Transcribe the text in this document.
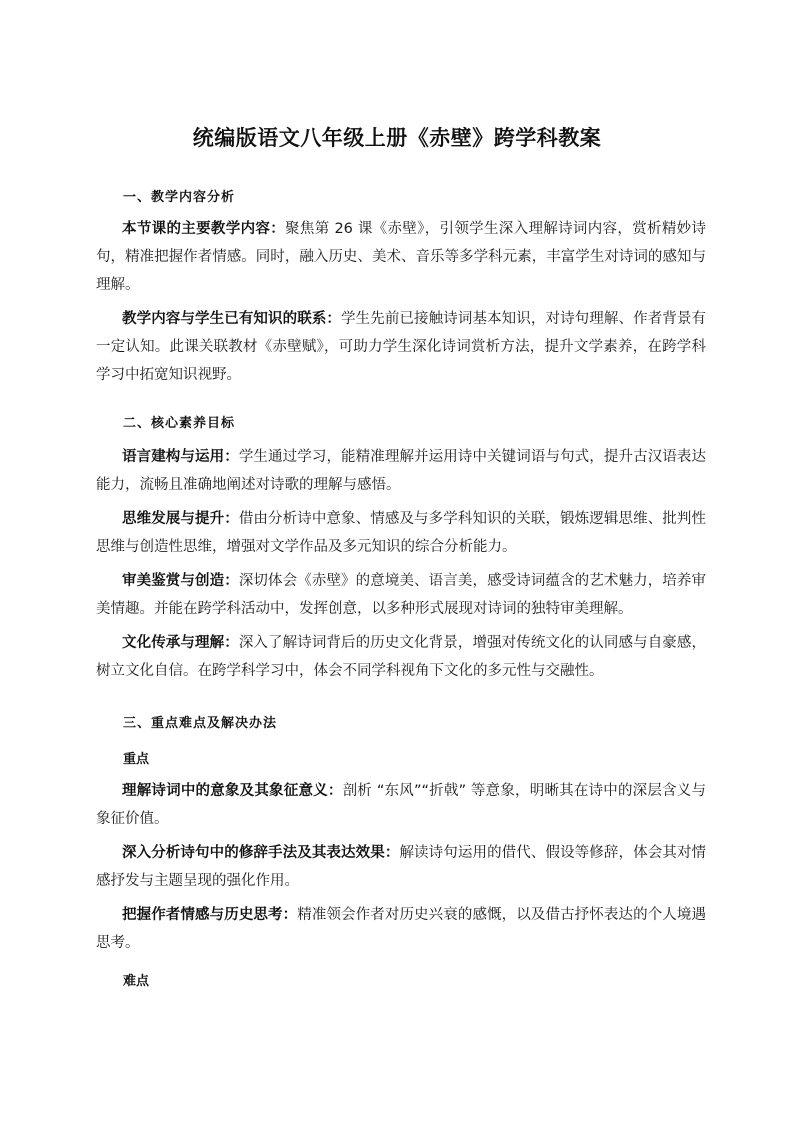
统编版语文八年级上册《赤壁》跨学科教案
一、教学内容分析
本节课的主要教学内容：聚焦第 26 课《赤壁》，引领学生深入理解诗词内容，赏析精妙诗句，精准把握作者情感。同时，融入历史、美术、音乐等多学科元素，丰富学生对诗词的感知与理解。
教学内容与学生已有知识的联系：学生先前已接触诗词基本知识，对诗句理解、作者背景有一定认知。此课关联教材《赤壁赋》，可助力学生深化诗词赏析方法，提升文学素养，在跨学科学习中拓宽知识视野。
二、核心素养目标
语言建构与运用：学生通过学习，能精准理解并运用诗中关键词语与句式，提升古汉语表达能力，流畅且准确地阐述对诗歌的理解与感悟。
思维发展与提升：借由分析诗中意象、情感及与多学科知识的关联，锻炼逻辑思维、批判性思维与创造性思维，增强对文学作品及多元知识的综合分析能力。
审美鉴赏与创造：深切体会《赤壁》的意境美、语言美，感受诗词蕴含的艺术魅力，培养审美情趣。并能在跨学科活动中，发挥创意，以多种形式展现对诗词的独特审美理解。
文化传承与理解：深入了解诗词背后的历史文化背景，增强对传统文化的认同感与自豪感，树立文化自信。在跨学科学习中，体会不同学科视角下文化的多元性与交融性。
三、重点难点及解决办法
重点
理解诗词中的意象及其象征意义：剖析 “东风”“折戟” 等意象，明晰其在诗中的深层含义与象征价值。
深入分析诗句中的修辞手法及其表达效果：解读诗句运用的借代、假设等修辞，体会其对情感抒发与主题呈现的强化作用。
把握作者情感与历史思考：精准领会作者对历史兴衰的感慨，以及借古抒怀表达的个人境遇思考。
难点
